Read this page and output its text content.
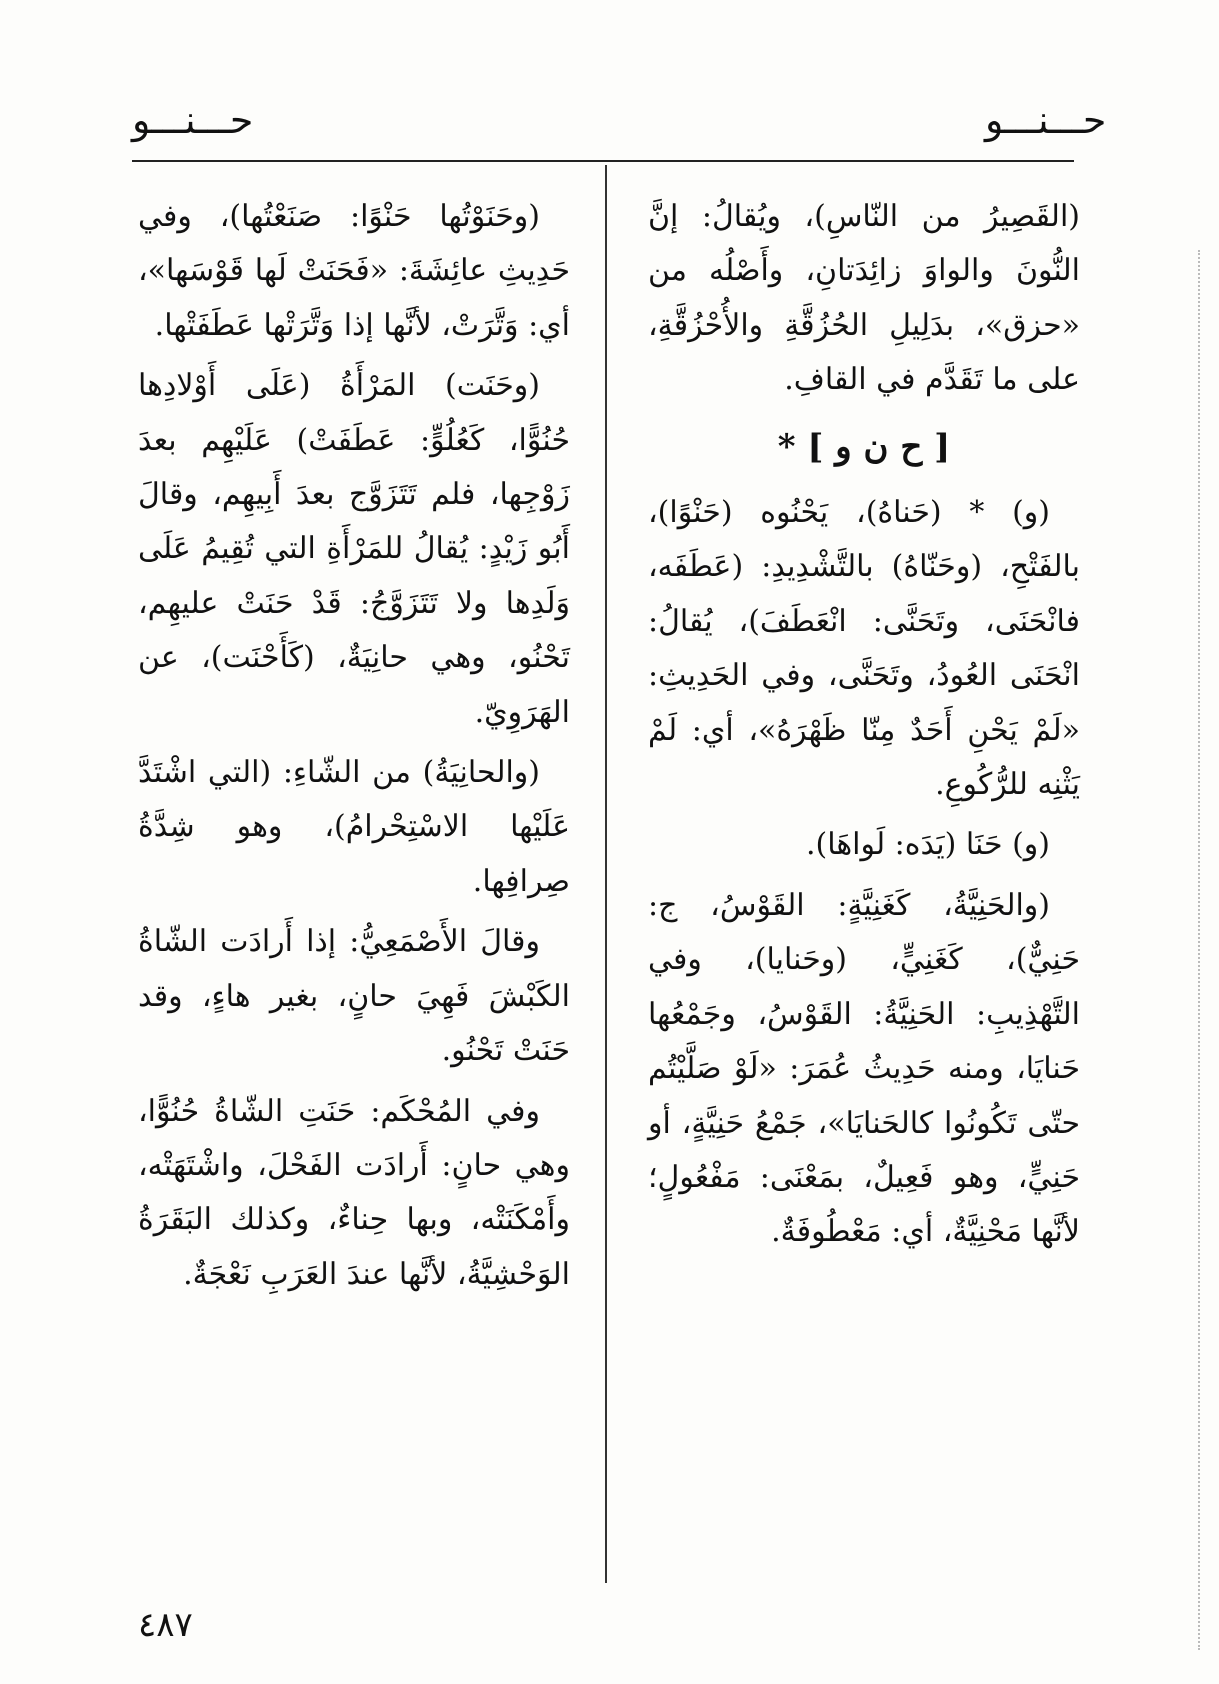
حـــنـــو
حـــنـــو

(القَصِيرُ من النّاسِ)، ويُقالُ: إنَّ النُّونَ والواوَ زائِدَتانِ، وأَصْلُه من «حزق»، بدَلِيلِ الحُزُقَّةِ والأُحْزُقَّةِ، على ما تَقَدَّم في القافِ.

[ ح ن و ] *

(و) * (حَناهُ)، يَحْنُوه (حَنْوًا)، بالفَتْحِ، (وحَنّاهُ) بالتَّشْدِيدِ: (عَطَفَه، فانْحَنَى، وتَحَنَّى: انْعَطَفَ)، يُقالُ: انْحَنَى العُودُ، وتَحَنَّى، وفي الحَدِيثِ: «لَمْ يَحْنِ أَحَدٌ مِنّا ظَهْرَهُ»، أي: لَمْ يَثْنِه للرُّكُوعِ.

(و) حَنَا (يَدَه: لَواهَا).

(والحَنِيَّةُ، كَغَنِيَّةٍ: القَوْسُ، ج: حَنِيٌّ)، كَغَنِيٍّ، (وحَنايا)، وفي التَّهْذِيبِ: الحَنِيَّةُ: القَوْسُ، وجَمْعُها حَنايَا، ومنه حَدِيثُ عُمَرَ: «لَوْ صَلَّيْتُم حتّى تَكُونُوا كالحَنايَا»، جَمْعُ حَنِيَّةٍ، أو حَنِيٍّ، وهو فَعِيلٌ، بمَعْنَى: مَفْعُولٍ؛ لأنَّها مَحْنِيَّةٌ، أي: مَعْطُوفَةٌ.

(وحَنَوْتُها حَنْوًا: صَنَعْتُها)، وفي حَدِيثِ عائِشَةَ: «فَحَنَتْ لَها قَوْسَها»، أي: وَتَّرَتْ، لأنَّها إذا وَتَّرَتْها عَطَفَتْها.

(وحَنَت) المَرْأَةُ (عَلَى أَوْلادِها حُنُوًّا، كَعُلُوٍّ: عَطَفَتْ) عَلَيْهِم بعدَ زَوْجِها، فلم تَتَزَوَّج بعدَ أَبِيهِم، وقالَ أَبُو زَيْدٍ: يُقالُ للمَرْأَةِ التي تُقِيمُ عَلَى وَلَدِها ولا تَتَزَوَّجُ: قَدْ حَنَتْ عليهِم، تَحْنُو، وهي حانِيَةٌ، (كَأَحْنَت)، عن الهَرَوِيّ.

(والحانِيَةُ) من الشّاءِ: (التي اشْتَدَّ عَلَيْها الاسْتِحْرامُ)، وهو شِدَّةُ صِرافِها.

وقالَ الأَصْمَعِيُّ: إذا أَرادَت الشّاةُ الكَبْشَ فَهِيَ حانٍ، بغير هاءٍ، وقد حَنَتْ تَحْنُو.

وفي المُحْكَم: حَنَتِ الشّاةُ حُنُوًّا، وهي حانٍ: أَرادَت الفَحْلَ، واشْتَهَتْه، وأَمْكَنَتْه، وبها حِناءٌ، وكذلك البَقَرَةُ الوَحْشِيَّةُ، لأنَّها عندَ العَرَبِ نَعْجَةٌ.

٤٨٧
